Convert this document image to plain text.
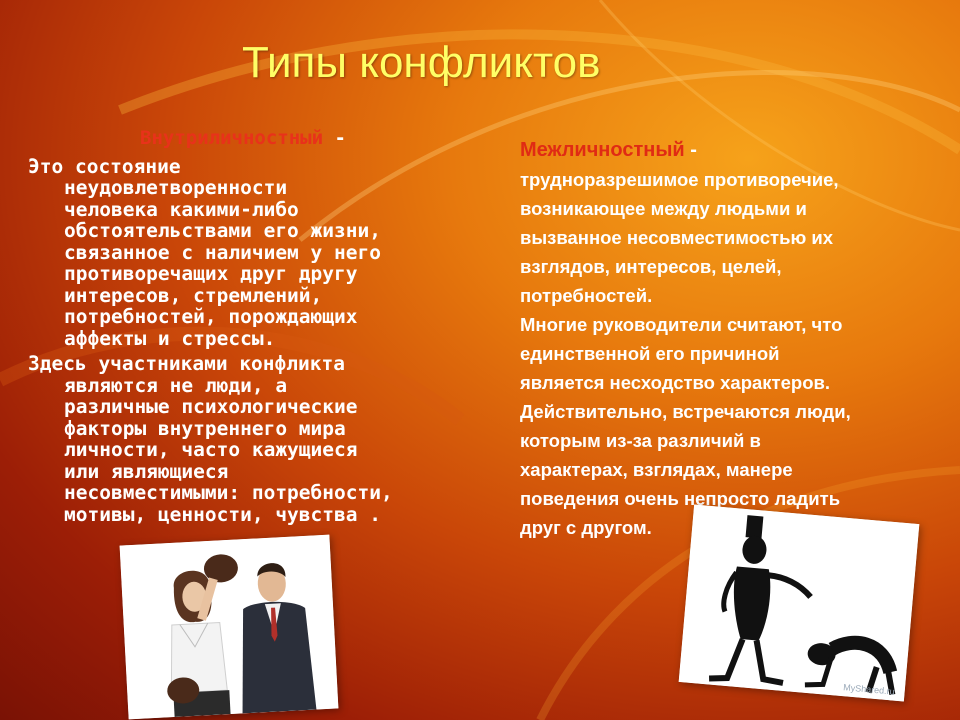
Типы конфликтов
Внутриличностный -

Это состояние
неудовлетворенности
человека какими-либо
обстоятельствами его жизни,
связанное с наличием у него
противоречащих друг другу
интересов, стремлений,
потребностей, порождающих
аффекты и стрессы.

Здесь участниками конфликта
являются не люди, а
различные психологические
факторы внутреннего мира
личности, часто кажущиеся
или являющиеся
несовместимыми: потребности,
мотивы, ценности, чувства .

Межличностный -
трудноразрешимое противоречие,
возникающее между людьми и
вызванное несовместимостью их
взглядов, интересов, целей,
потребностей.
Многие руководители считают, что
единственной его причиной
является несходство характеров.
Действительно, встречаются люди,
которым из-за различий в
характерах, взглядах, манере
поведения очень непросто ладить
друг с другом.
MyShared.ru
